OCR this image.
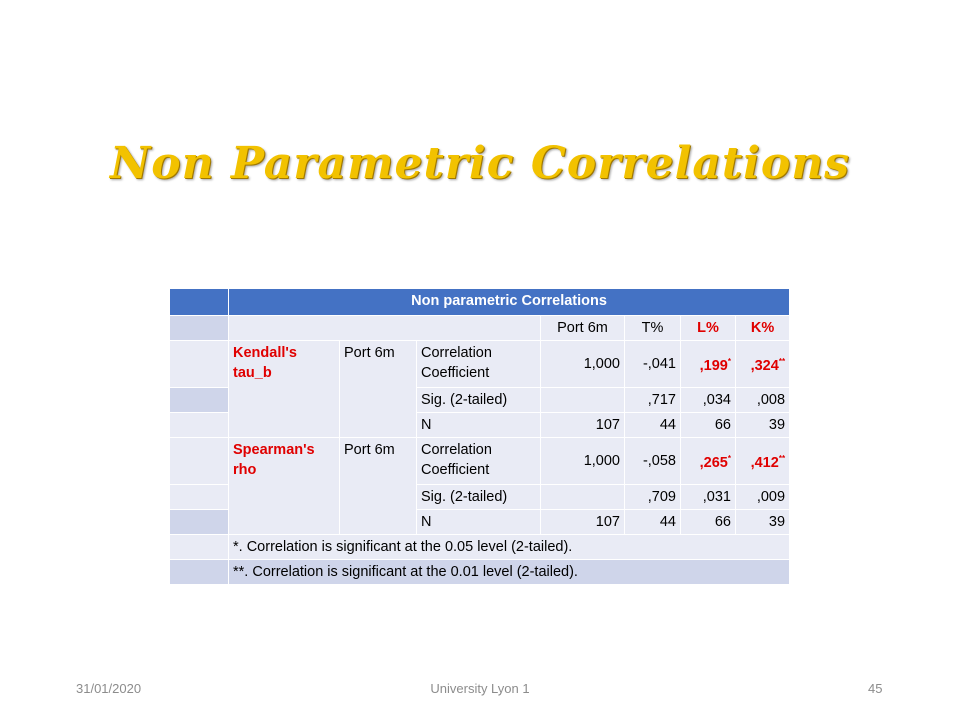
Non Parametric Correlations
	Non parametric Correlations						
				Port 6m	T%	L%	K%
	Kendall's tau_b	Port 6m	Correlation Coefficient	1,000	-,041	,199*	,324**
			Sig. (2-tailed)		,717	,034	,008
			N	107	44	66	39
	Spearman's rho	Port 6m	Correlation Coefficient	1,000	-,058	,265*	,412**
			Sig. (2-tailed)		,709	,031	,009
			N	107	44	66	39
	*. Correlation is significant at the 0.05 level (2-tailed).						
	**. Correlation is significant at the 0.01 level (2-tailed).						
31/01/2020	University Lyon 1	45
